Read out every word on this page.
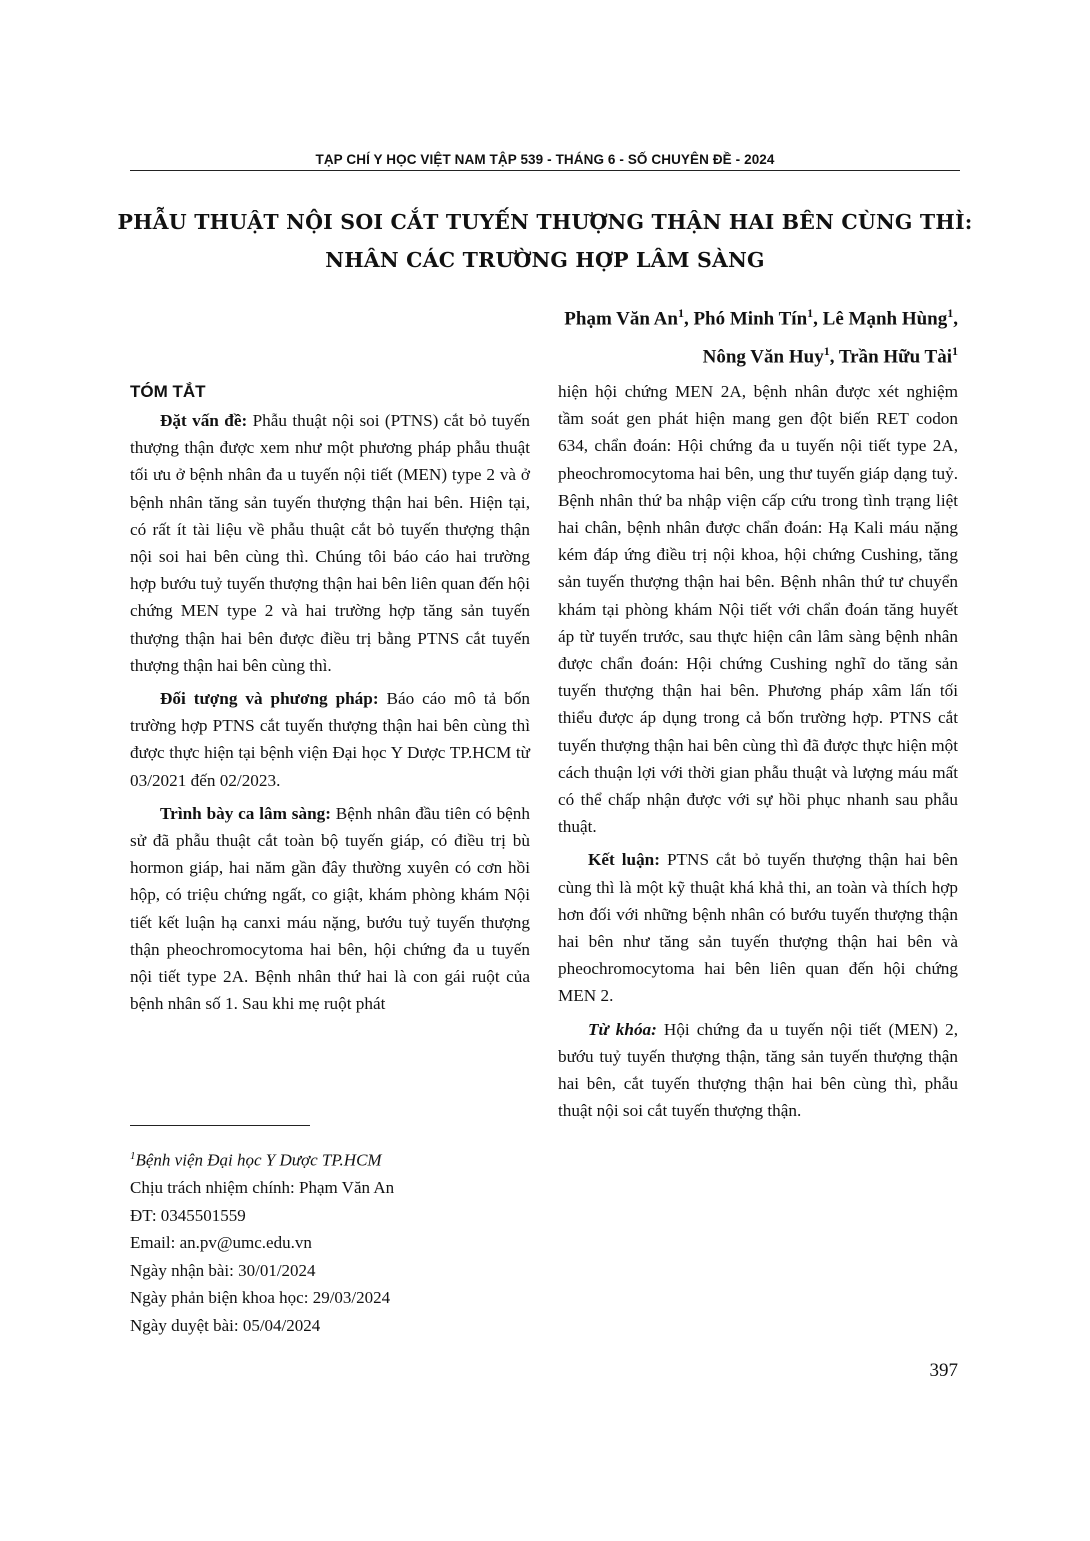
TẠP CHÍ Y HỌC VIỆT NAM TẬP 539 - THÁNG 6 - SỐ CHUYÊN ĐỀ - 2024
PHẪU THUẬT NỘI SOI CẮT TUYẾN THƯỢNG THẬN HAI BÊN CÙNG THÌ:
NHÂN CÁC TRƯỜNG HỢP LÂM SÀNG
Phạm Văn An$^1$, Phó Minh Tín$^1$, Lê Mạnh Hùng$^1$,
Nông Văn Huy$^1$, Trần Hữu Tài$^1$
TÓM TẮT

Đặt vấn đề: Phẫu thuật nội soi (PTNS) cắt bỏ tuyến thượng thận được xem như một phương pháp phẫu thuật tối ưu ở bệnh nhân đa u tuyến nội tiết (MEN) type 2 và ở bệnh nhân tăng sản tuyến thượng thận hai bên. Hiện tại, có rất ít tài liệu về phẫu thuật cắt bỏ tuyến thượng thận nội soi hai bên cùng thì. Chúng tôi báo cáo hai trường hợp bướu tuỷ tuyến thượng thận hai bên liên quan đến hội chứng MEN type 2 và hai trường hợp tăng sản tuyến thượng thận hai bên được điều trị bằng PTNS cắt tuyến thượng thận hai bên cùng thì.

Đối tượng và phương pháp: Báo cáo mô tả bốn trường hợp PTNS cắt tuyến thượng thận hai bên cùng thì được thực hiện tại bệnh viện Đại học Y Dược TP.HCM từ 03/2021 đến 02/2023.

Trình bày ca lâm sàng: Bệnh nhân đầu tiên có bệnh sử đã phẫu thuật cắt toàn bộ tuyến giáp, có điều trị bù hormon giáp, hai năm gần đây thường xuyên có cơn hồi hộp, có triệu chứng ngất, co giật, khám phòng khám Nội tiết kết luận hạ canxi máu nặng, bướu tuỷ tuyến thượng thận pheochromocytoma hai bên, hội chứng đa u tuyến nội tiết type 2A. Bệnh nhân thứ hai là con gái ruột của bệnh nhân số 1. Sau khi mẹ ruột phát

$^1$Bệnh viện Đại học Y Dược TP.HCM
Chịu trách nhiệm chính: Phạm Văn An
ĐT: 0345501559
Email: an.pv@umc.edu.vn
Ngày nhận bài: 30/01/2024
Ngày phản biện khoa học: 29/03/2024
Ngày duyệt bài: 05/04/2024

hiện hội chứng MEN 2A, bệnh nhân được xét nghiệm tầm soát gen phát hiện mang gen đột biến RET codon 634, chẩn đoán: Hội chứng đa u tuyến nội tiết type 2A, pheochromocytoma hai bên, ung thư tuyến giáp dạng tuỷ. Bệnh nhân thứ ba nhập viện cấp cứu trong tình trạng liệt hai chân, bệnh nhân được chẩn đoán: Hạ Kali máu nặng kém đáp ứng điều trị nội khoa, hội chứng Cushing, tăng sản tuyến thượng thận hai bên. Bệnh nhân thứ tư chuyển khám tại phòng khám Nội tiết với chẩn đoán tăng huyết áp từ tuyến trước, sau thực hiện cân lâm sàng bệnh nhân được chẩn đoán: Hội chứng Cushing nghĩ do tăng sản tuyến thượng thận hai bên. Phương pháp xâm lấn tối thiểu được áp dụng trong cả bốn trường hợp. PTNS cắt tuyến thượng thận hai bên cùng thì đã được thực hiện một cách thuận lợi với thời gian phẫu thuật và lượng máu mất có thể chấp nhận được với sự hồi phục nhanh sau phẫu thuật.

Kết luận: PTNS cắt bỏ tuyến thượng thận hai bên cùng thì là một kỹ thuật khá khả thi, an toàn và thích hợp hơn đối với những bệnh nhân có bướu tuyến thượng thận hai bên như tăng sản tuyến thượng thận hai bên và pheochromocytoma hai bên liên quan đến hội chứng MEN 2.

Từ khóa: Hội chứng đa u tuyến nội tiết (MEN) 2, bướu tuỷ tuyến thượng thận, tăng sản tuyến thượng thận hai bên, cắt tuyến thượng thận hai bên cùng thì, phẫu thuật nội soi cắt tuyến thượng thận.

397
